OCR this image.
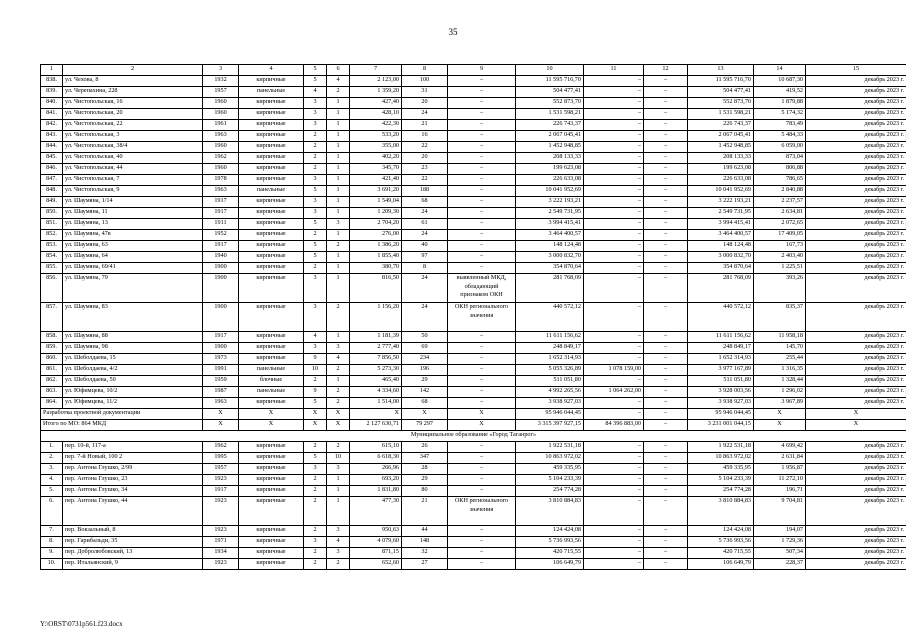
35
1	2	3	4	5	6	7	8	9	10	11	12	13	14	15
838.	ул. Чехова, 8	1932	кирпичные	5	4	2 123,00	100	–	11 595 716,70	–	–	11 595 716,70	10 687,30	декабрь 2023 г.
839.	ул. Черепахина, 228	1957	панельные	4	2	1 359,20	31	–	504 477,41	–	–	504 477,41	419,52	декабрь 2023 г.
840.	ул. Чистопольская, 16	1960	кирпичные	3	1	427,40	20	–	552 873,70	–	–	552 873,70	1 879,88	декабрь 2023 г.
841.	ул. Чистопольская, 20	1960	кирпичные	3	1	428,10	24	–	1 531 598,21	–	–	1 531 598,21	5 174,32	декабрь 2023 г.
842.	ул. Чистопольская, 22	1961	кирпичные	3	1	422,30	21	–	226 743,37	–	–	226 743,37	783,49	декабрь 2023 г.
843.	ул. Чистопольская, 3	1963	кирпичные	2	1	533,20	16	–	2 067 045,41	–	–	2 067 045,41	5 484,33	декабрь 2023 г.
844.	ул. Чистопольская, 38/4	1960	кирпичные	2	1	355,00	22	–	1 452 948,85	–	–	1 452 948,85	6 059,00	декабрь 2023 г.
845.	ул. Чистопольская, 40	1962	кирпичные	2	1	402,20	20	–	208 133,33	–	–	208 133,33	873,04	декабрь 2023 г.
846.	ул. Чистопольская, 44	1960	кирпичные	2	1	345,70	23	–	199 623,08	–	–	199 623,08	806,88	декабрь 2023 г.
847.	ул. Чистопольская, 7	1978	кирпичные	3	1	421,40	22	–	226 633,08	–	–	226 633,08	786,65	декабрь 2023 г.
848.	ул. Чистопольская, 9	1963	панельные	5	1	3 691,20	188	–	10 041 952,69	–	–	10 041 952,69	2 840,88	декабрь 2023 г.
849.	ул. Шаумяна, 1/14	1917	кирпичные	3	1	1 549,04	68	–	3 222 193,21	–	–	3 222 193,21	2 237,57	декабрь 2023 г.
850.	ул. Шаумяна, 11	1917	кирпичные	3	1	1 209,30	24	–	2 549 731,95	–	–	2 549 731,95	2 634,81	декабрь 2023 г.
851.	ул. Шаумяна, 13	1911	кирпичные	5	3	2 704,20	61	–	3 994 415,41	–	–	3 994 415,41	2 072,65	декабрь 2023 г.
852.	ул. Шаумяна, 47в	1952	кирпичные	2	1	276,00	24	–	3 464 400,57	–	–	3 464 400,57	17 409,05	декабрь 2023 г.
853.	ул. Шаумяна, 63	1917	кирпичные	5	2	1 386,20	40	–	148 124,48	–	–	148 124,48	167,73	декабрь 2023 г.
854.	ул. Шаумяна, 64	1940	кирпичные	5	1	1 855,40	97	–	3 000 832,70	–	–	3 000 832,70	2 403,40	декабрь 2023 г.
855.	ул. Шаумяна, 69/41	1900	кирпичные	2	1	380,70	8	–	354 870,64	–	–	354 870,64	1 225,51	декабрь 2023 г.
856.	ул. Шаумяна, 79	1900	кирпичные	3	1	816,50	24	выявленный МКД, обладающий признаком ОКН	281 768,09	–	–	281 768,09	393,26	декабрь 2023 г.
857.	ул. Шаумяна, 83	1900	кирпичные	3	2	1 156,20	24	ОКН регионального значения	440 572,12	–	–	440 572,12	835,37	декабрь 2023 г.
858.	ул. Шаумяна, 88	1917	кирпичные	4	1	1 181,39	50	–	11 611 156,62	–	–	11 611 156,62	11 958,18	декабрь 2023 г.
859.	ул. Шаумяна, 98	1900	кирпичные	3	3	2 777,40	69	–	248 849,17	–	–	248 849,17	145,70	декабрь 2023 г.
860.	ул. Шеболдаева, 15	1973	кирпичные	9	4	7 856,50	234	–	1 652 314,93	–	–	1 652 314,93	255,44	декабрь 2023 г.
861.	ул. Шеболдаева, 4/2	1991	панельные	10	2	5 273,30	196	–	5 055 326,89	1 078 159,00	–	3 977 167,89	1 316,35	декабрь 2023 г.
862.	ул. Шеболдаева, 50	1959	блочные	2	1	465,40	29	–	511 051,80	–	–	511 051,80	1 328,44	декабрь 2023 г.
863.	ул. Юфимцева, 10/2	1987	панельные	9	2	4 334,60	142	–	4 992 265,56	1 064 262,00	–	3 928 003,56	1 296,02	декабрь 2023 г.
864.	ул. Юфимцева, 11/2	1963	кирпичные	5	2	1 514,00	68	–	3 938 927,03	–	–	3 938 927,03	3 967,89	декабрь 2023 г.
Разработка проектной документации		X	X	X	X	X	X	X	95 946 044,45	–	–	95 946 044,45	X	X
Итого по МО: 864 МКД		X	X	X	X	2 127 630,71	79 297	X	3 315 397 927,15	84 396 883,00	–	3 231 001 044,15	X	X
Муниципальное образование «Город Таганрог»														
1.	пер. 10-й, 117-а	1962	кирпичные	2	2	615,10	26	–	1 922 531,18	–	–	1 922 531,18	4 699,42	декабрь 2023 г.
2.	пер. 7-й Новый, 100 2	1995	кирпичные	5	10	6 618,30	347	–	10 863 972,02	–	–	10 863 972,02	2 631,84	декабрь 2023 г.
3.	пер. Антона Глушко, 2/99	1957	кирпичные	3	3	266,96	28	–	459 335,95	–	–	459 335,95	1 956,87	декабрь 2023 г.
4.	пер. Антона Глушко, 23	1923	кирпичные	2	1	693,20	29	–	5 104 233,39	–	–	5 104 233,39	11 272,10	декабрь 2023 г.
5.	пер. Антона Глушко, 34	1917	кирпичные	2	1	1 831,80	80	–	254 774,28	–	–	254 774,28	196,71	декабрь 2023 г.
6.	пер. Антона Глушко, 44	1923	кирпичные	2	1	477,30	21	ОКН регионального значения	3 810 884,83	–	–	3 810 884,83	9 704,81	декабрь 2023 г.
7.	пер. Вокзальный, 8	1923	кирпичные	2	3	950,63	44	–	124 424,08	–	–	124 424,08	194,07	декабрь 2023 г.
8.	пер. Гарибальди, 35	1971	кирпичные	3	4	4 079,60	148	–	5 736 993,56	–	–	5 736 993,56	1 729,36	декабрь 2023 г.
9.	пер. Добролюбовский, 13	1934	кирпичные	2	3	871,15	32	–	420 715,55	–	–	420 715,55	507,34	декабрь 2023 г.
10.	пер. Итальянский, 9	1923	кирпичные	2	2	652,60	27	–	106 649,79	–	–	106 649,79	228,37	декабрь 2023 г.
Y:\ORST\0731p561.f23.docx
